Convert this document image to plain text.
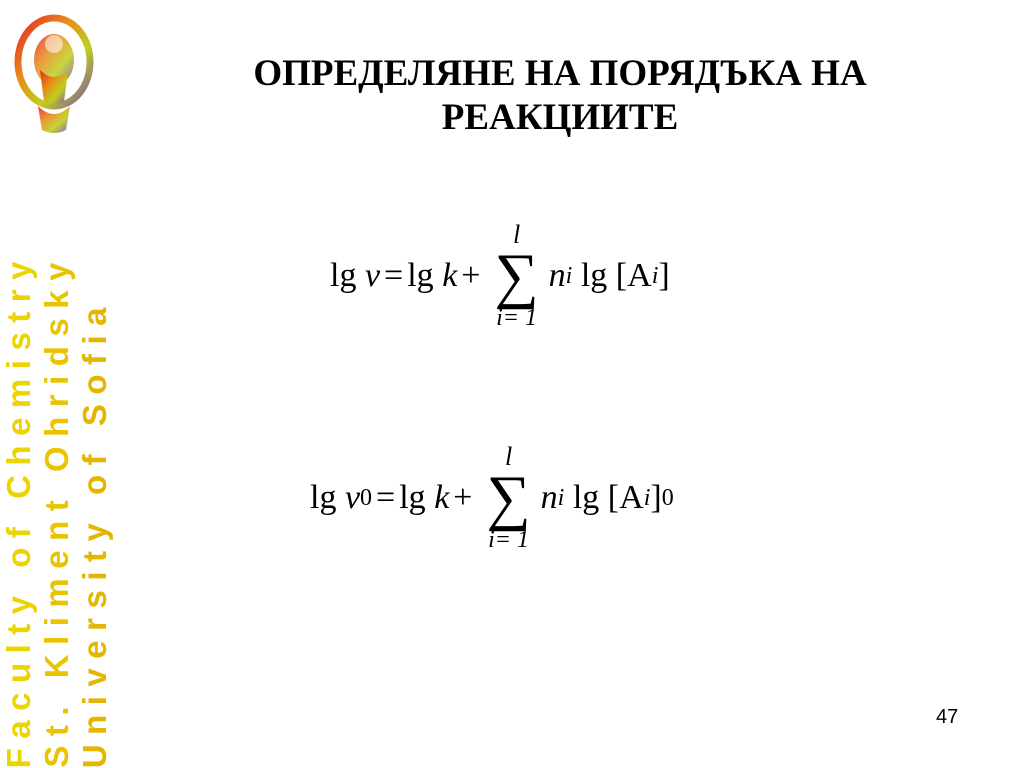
Faculty of Chemistry St. Kliment Ohridsky University of Sofia
ОПРЕДЕЛЯНЕ НА ПОРЯДЪКА НА
РЕАКЦИИТЕ
lg
v = lg
k +
l
∑
i= 1
n i
lg
[A i ]
lg
v 0 = lg
k +
l
∑
i= 1
n i
lg
[A i ] 0
47
